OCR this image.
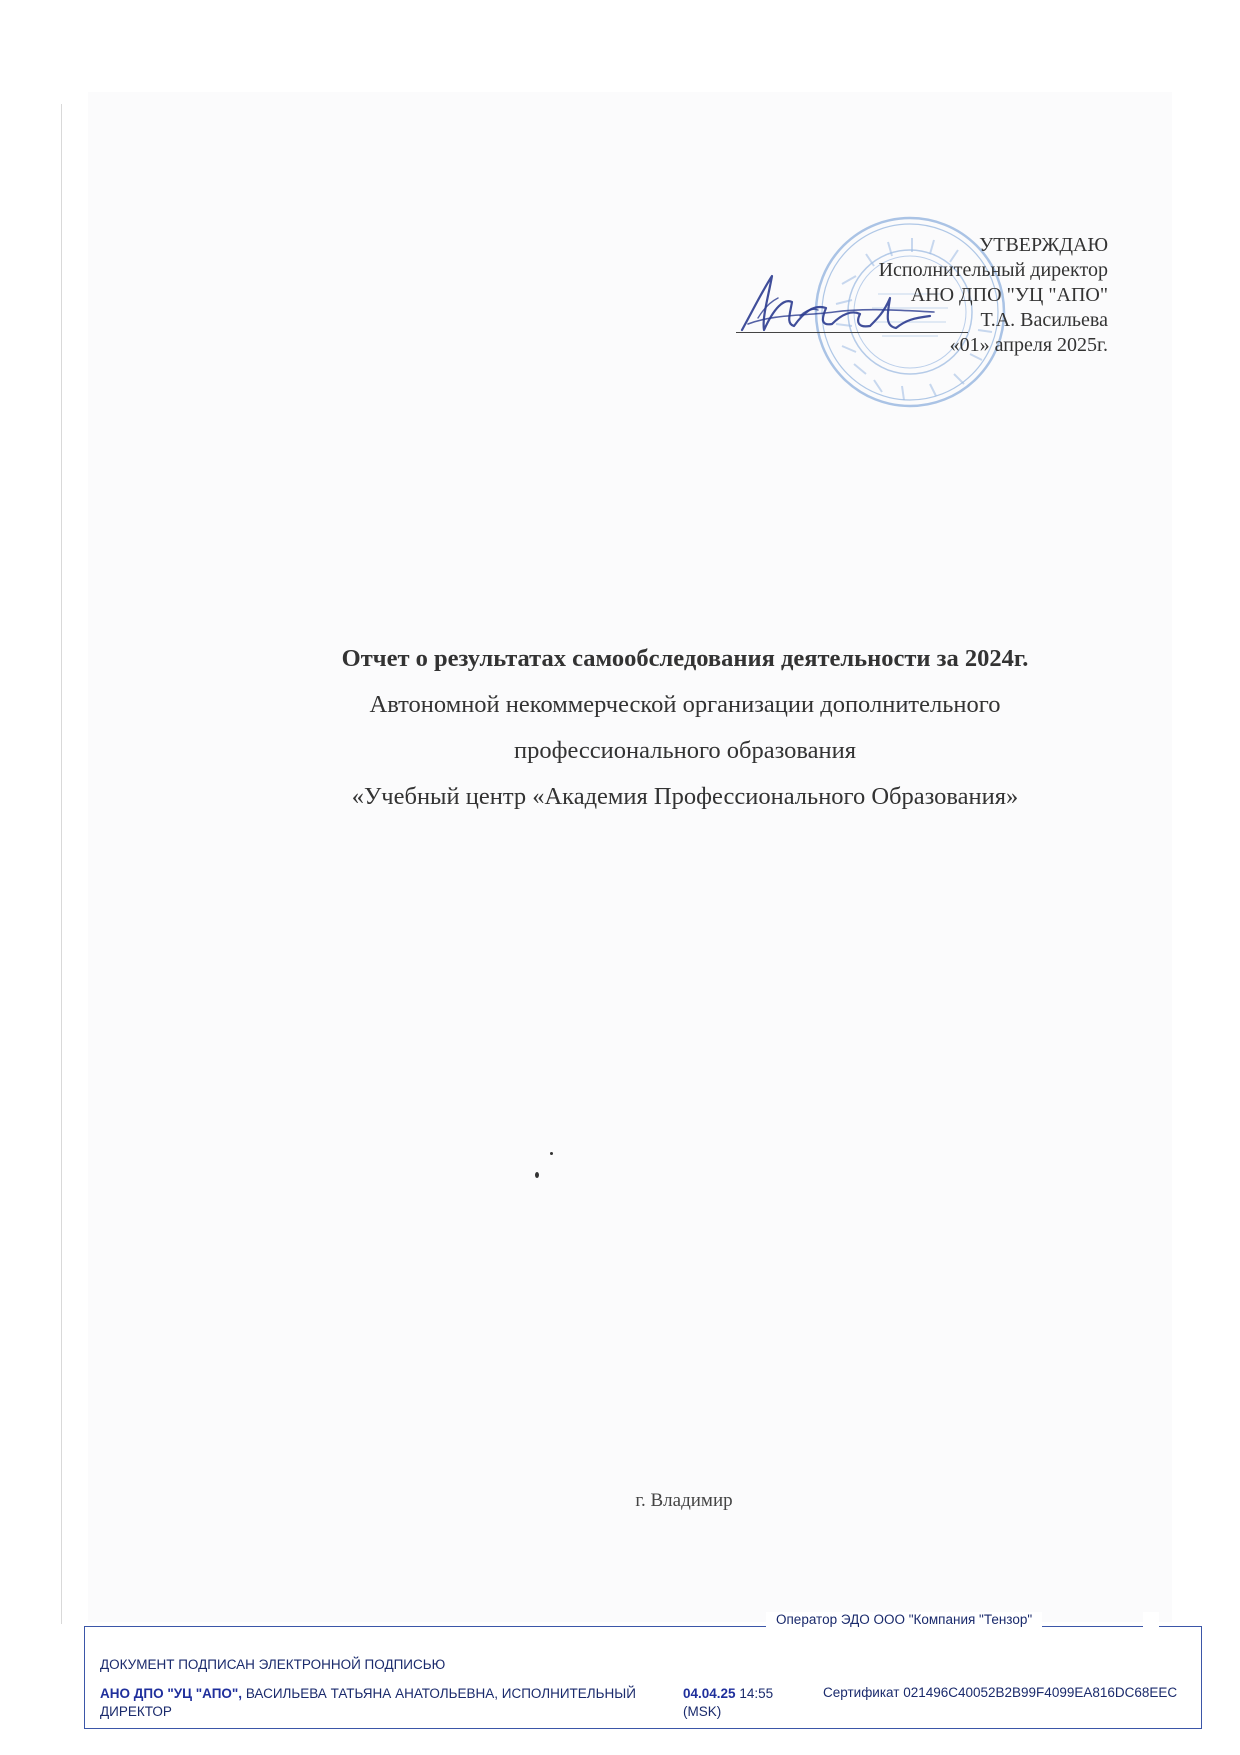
УТВЕРЖДАЮ
Исполнительный директор
АНО ДПО "УЦ "АПО"
Т.А. Васильева
«01» апреля 2025г.
Отчет о результатах самообследования деятельности за 2024г.
Автономной некоммерческой организации дополнительного
профессионального образования
«Учебный центр «Академия Профессионального Образования»
г. Владимир
ДОКУМЕНТ ПОДПИСАН ЭЛЕКТРОННОЙ ПОДПИСЬЮ
АНО ДПО "УЦ "АПО", ВАСИЛЬЕВА ТАТЬЯНА АНАТОЛЬЕВНА, ИСПОЛНИТЕЛЬНЫЙ ДИРЕКТОР
04.04.25 14:55 (MSK)
Сертификат 021496C40052B2B99F4099EA816DC68EEC
Оператор ЭДО ООО "Компания "Тензор"
